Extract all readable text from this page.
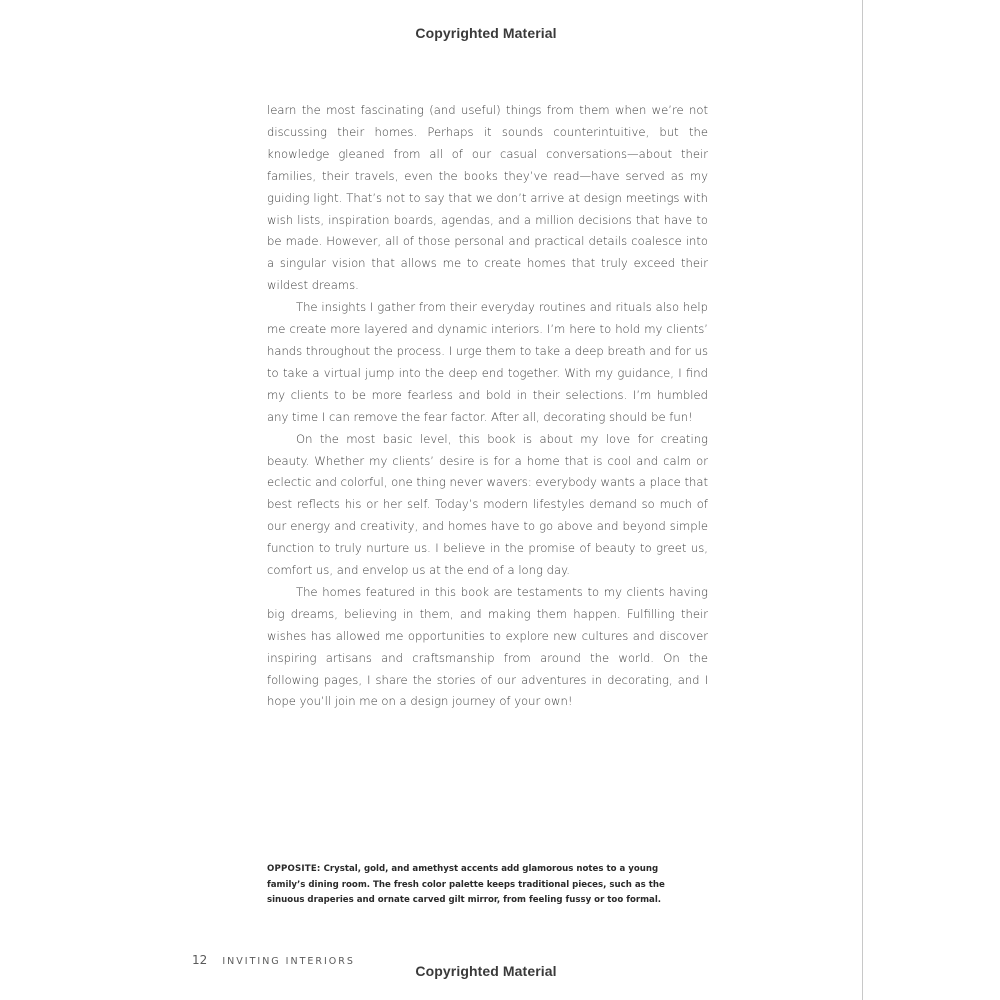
Copyrighted Material

learn the most fascinating (and useful) things from them when we’re not discussing their homes. Perhaps it sounds counterintuitive, but the knowledge gleaned from all of our casual conversations—about their families, their travels, even the books they’ve read—have served as my guiding light. That’s not to say that we don’t arrive at design meetings with wish lists, inspiration boards, agendas, and a million decisions that have to be made. However, all of those personal and practical details coalesce into a singular vision that allows me to create homes that truly exceed their wildest dreams.

The insights I gather from their everyday routines and rituals also help me create more layered and dynamic interiors. I’m here to hold my clients’ hands throughout the process. I urge them to take a deep breath and for us to take a virtual jump into the deep end together. With my guidance, I find my clients to be more fearless and bold in their selections. I’m humbled any time I can remove the fear factor. After all, decorating should be fun!

On the most basic level, this book is about my love for creating beauty. Whether my clients’ desire is for a home that is cool and calm or eclectic and colorful, one thing never wavers: everybody wants a place that best reflects his or her self. Today’s modern lifestyles demand so much of our energy and creativity, and homes have to go above and beyond simple function to truly nurture us. I believe in the promise of beauty to greet us, comfort us, and envelop us at the end of a long day.

The homes featured in this book are testaments to my clients having big dreams, believing in them, and making them happen. Fulfilling their wishes has allowed me opportunities to explore new cultures and discover inspiring artisans and craftsmanship from around the world. On the following pages, I share the stories of our adventures in decorating, and I hope you’ll join me on a design journey of your own!

OPPOSITE: Crystal, gold, and amethyst accents add glamorous notes to a young family’s dining room. The fresh color palette keeps traditional pieces, such as the sinuous draperies and ornate carved gilt mirror, from feeling fussy or too formal.
12 INVITING INTERIORS
Copyrighted Material
